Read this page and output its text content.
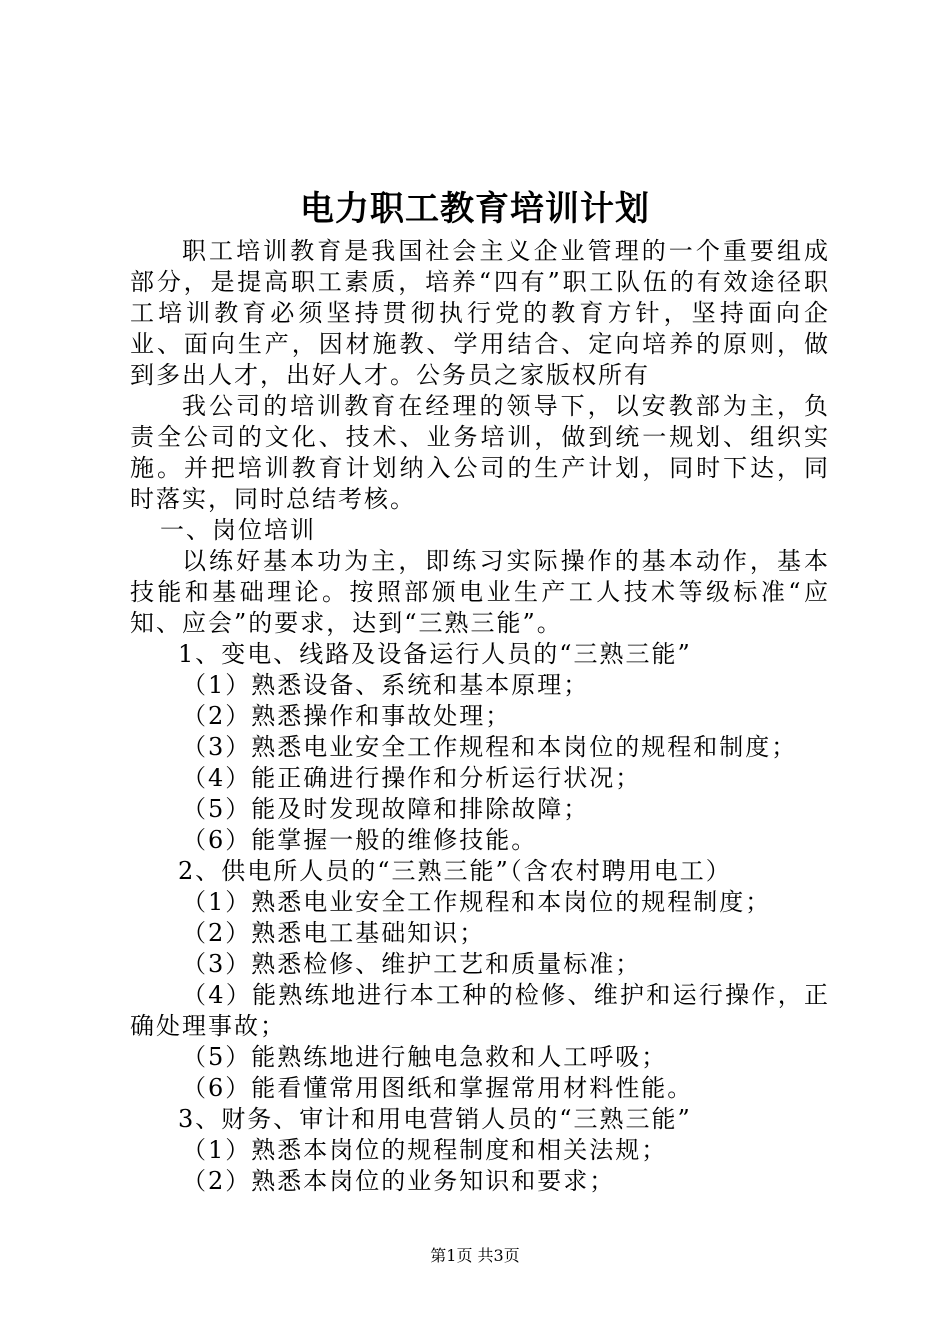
电力职工教育培训计划

职工培训教育是我国社会主义企业管理的一个重要组成部分，是提高职工素质，培养“四有”职工队伍的有效途径职工培训教育必须坚持贯彻执行党的教育方针，坚持面向企业、面向生产，因材施教、学用结合、定向培养的原则，做到多出人才，出好人才。公务员之家版权所有

我公司的培训教育在经理的领导下，以安教部为主，负责全公司的文化、技术、业务培训，做到统一规划、组织实施。并把培训教育计划纳入公司的生产计划，同时下达，同时落实，同时总结考核。

一、岗位培训

以练好基本功为主，即练习实际操作的基本动作，基本技能和基础理论。按照部颁电业生产工人技术等级标准“应知、应会”的要求，达到“三熟三能”。

1、变电、线路及设备运行人员的“三熟三能”

（1）熟悉设备、系统和基本原理；

（2）熟悉操作和事故处理；

（3）熟悉电业安全工作规程和本岗位的规程和制度；

（4）能正确进行操作和分析运行状况；

（5）能及时发现故障和排除故障；

（6）能掌握一般的维修技能。

2、供电所人员的“三熟三能”（含农村聘用电工）

（1）熟悉电业安全工作规程和本岗位的规程制度；

（2）熟悉电工基础知识；

（3）熟悉检修、维护工艺和质量标准；

（4）能熟练地进行本工种的检修、维护和运行操作，正确处理事故；

（5）能熟练地进行触电急救和人工呼吸；

（6）能看懂常用图纸和掌握常用材料性能。

3、财务、审计和用电营销人员的“三熟三能”

（1）熟悉本岗位的规程制度和相关法规；

（2）熟悉本岗位的业务知识和要求；

第1页 共3页
